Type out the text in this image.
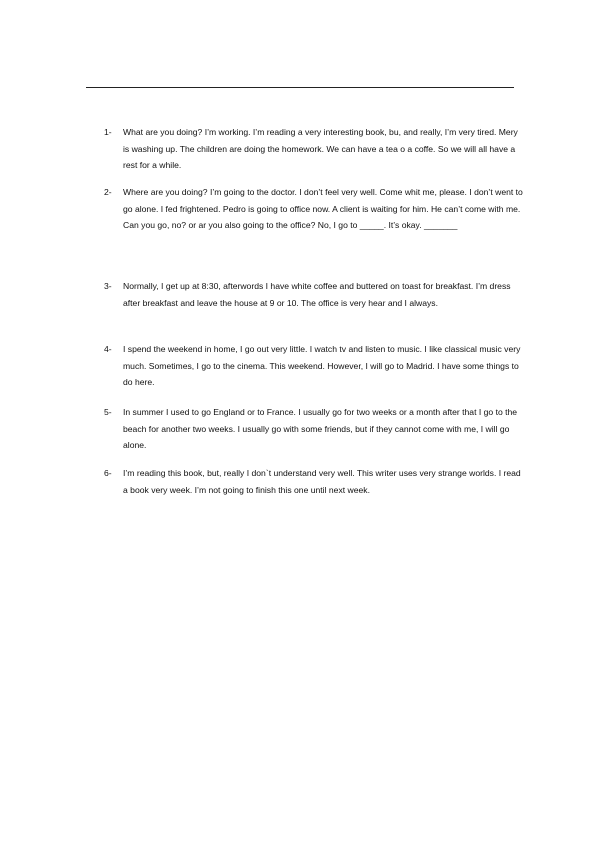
1-	What are you doing? I’m working. I’m reading a very interesting book, bu, and really, I’m very tired. Mery is washing up. The children are doing the homework. We can have a tea o a coffe. So we will all have a rest for a while.
2-	Where are you doing? I’m going to the doctor. I don’t feel very well. Come whit me, please. I don’t went to go alone. I fed frightened. Pedro is going to office now. A client is waiting for him. He can’t come with me. Can you go, no? or ar you also going to the office? No, I go to _____. It’s okay. _______
3-	Normally, I get up at 8:30, afterwords I have white coffee and buttered on toast for breakfast. I’m dress after breakfast and leave the house at 9 or 10. The office is very hear and I always.
4-	I spend the weekend in home, I go out very little. I watch tv and listen to music. I like classical music very much. Sometimes, I go to the cinema. This weekend. However, I will go to Madrid. I have some things to do here.
5-	In summer I used to go England or to France. I usually go for two weeks or a month after that I go to the beach for another two weeks. I usually go with some friends, but if they cannot come with me, I will go alone.
6-	I’m reading this book, but, really I don`t understand very well. This writer uses very strange worlds. I read a book very week. I’m not going to finish this one until next week.
